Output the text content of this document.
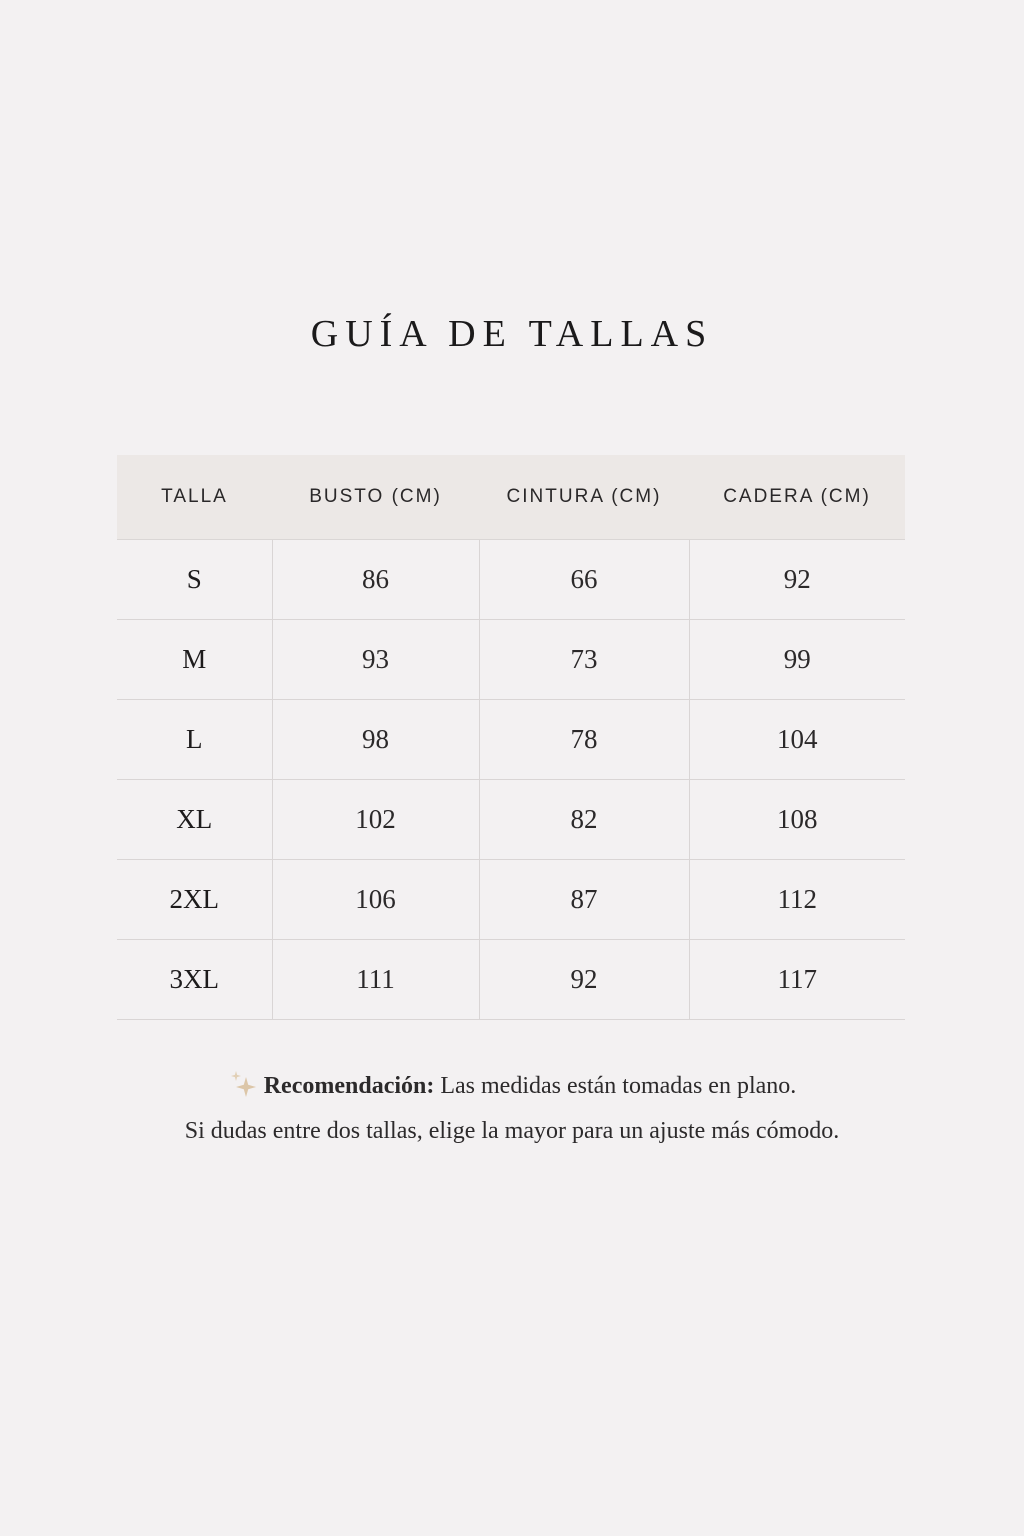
GUÍA DE TALLAS
TALLA	BUSTO (CM)	CINTURA (CM)	CADERA (CM)
S	86	66	92
M	93	73	99
L	98	78	104
XL	102	82	108
2XL	106	87	112
3XL	111	92	117
Recomendación: Las medidas están tomadas en plano.
Si dudas entre dos tallas, elige la mayor para un ajuste más cómodo.
